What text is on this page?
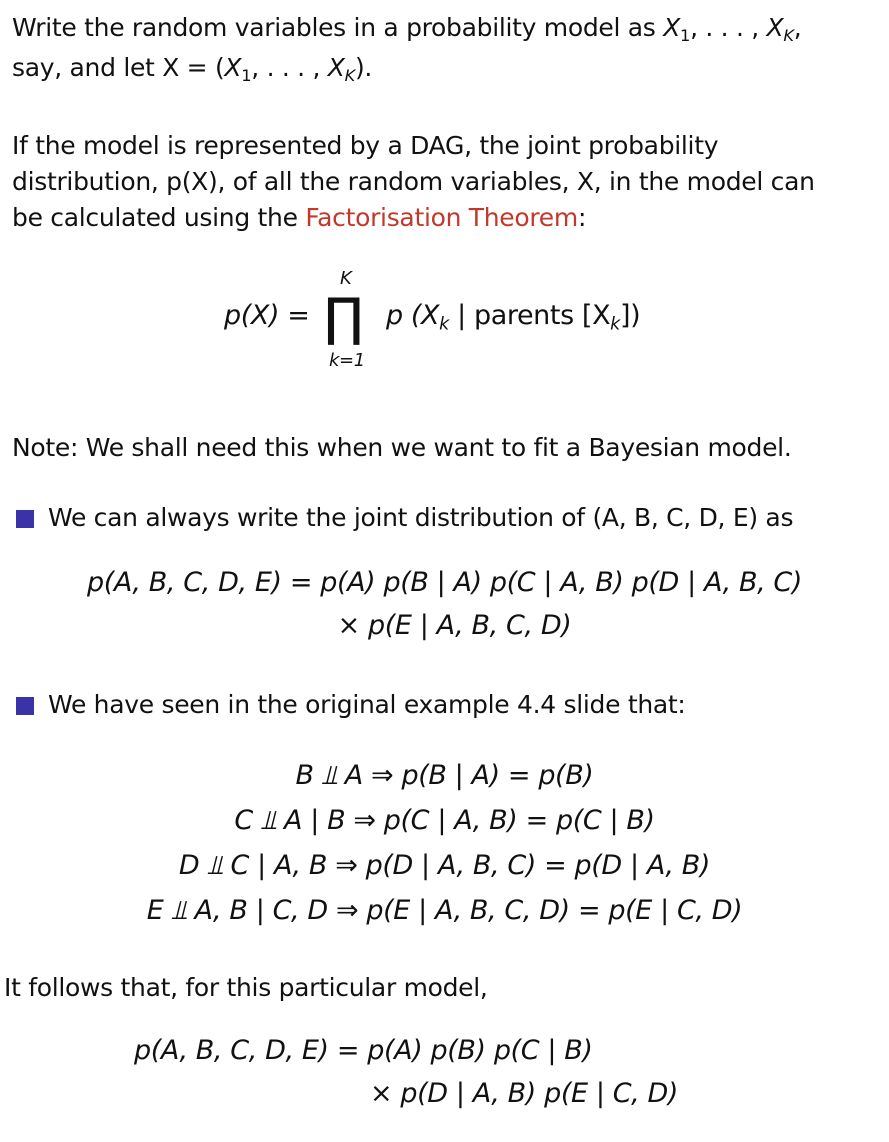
Write the random variables in a probability model as $X_1$, . . . , $X_K$,
say, and let $X = (X_1$, . . . , $X_K$).
If the model is represented by a DAG, the joint probability
distribution, p(X), of all the random variables, X, in the model can
be calculated using the Factorisation Theorem:
p(X) =
K
∏
k=1
p ($X_k$ | parents $[X_k]$)
Note: We shall need this when we want to fit a Bayesian model.
We can always write the joint distribution of (A, B, C, D, E) as
p(A, B, C, D, E) = p(A) p(B | A) p(C | A, B) p(D | A, B, C)
× p(E | A, B, C, D)
We have seen in the original example 4.4 slide that:
B ⫫ A ⇒ p(B | A) = p(B)
C ⫫ A | B ⇒ p(C | A, B) = p(C | B)
D ⫫ C | A, B ⇒ p(D | A, B, C) = p(D | A, B)
E ⫫ A, B | C, D ⇒ p(E | A, B, C, D) = p(E | C, D)
It follows that, for this particular model,
p(A, B, C, D, E) = p(A) p(B) p(C | B)
× p(D | A, B) p(E | C, D)
